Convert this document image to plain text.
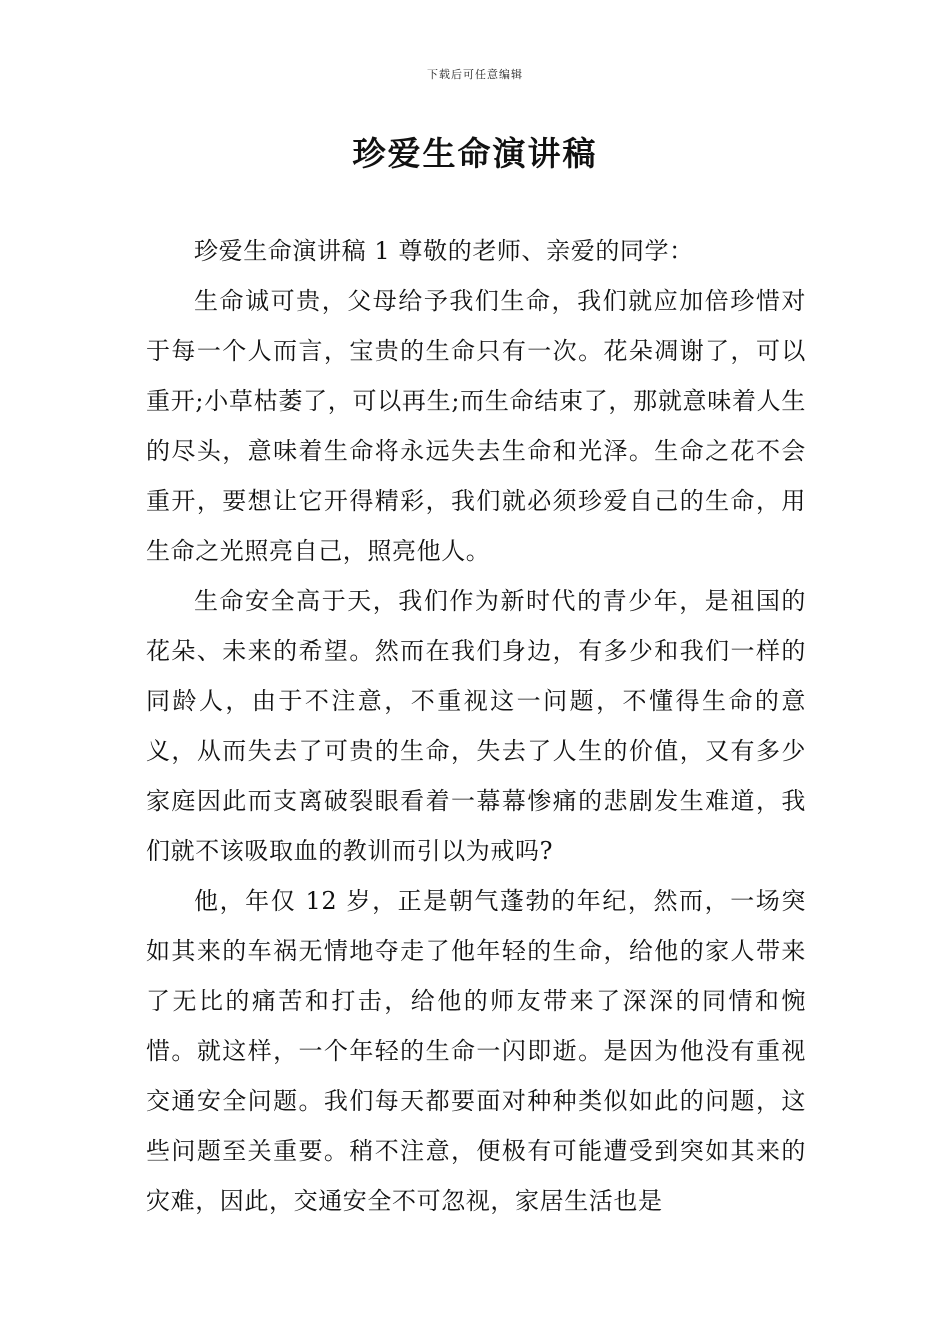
下载后可任意编辑
珍爱生命演讲稿

珍爱生命演讲稿 1 尊敬的老师、亲爱的同学：

生命诚可贵，父母给予我们生命，我们就应加倍珍惜对于每一个人而言，宝贵的生命只有一次。花朵凋谢了，可以重开;小草枯萎了，可以再生;而生命结束了，那就意味着人生的尽头，意味着生命将永远失去生命和光泽。生命之花不会重开，要想让它开得精彩，我们就必须珍爱自己的生命，用生命之光照亮自己，照亮他人。

生命安全高于天，我们作为新时代的青少年，是祖国的花朵、未来的希望。然而在我们身边，有多少和我们一样的同龄人，由于不注意，不重视这一问题，不懂得生命的意义，从而失去了可贵的生命，失去了人生的价值，又有多少家庭因此而支离破裂眼看着一幕幕惨痛的悲剧发生难道，我们就不该吸取血的教训而引以为戒吗?

他，年仅 12 岁，正是朝气蓬勃的年纪，然而，一场突如其来的车祸无情地夺走了他年轻的生命，给他的家人带来了无比的痛苦和打击，给他的师友带来了深深的同情和惋惜。就这样，一个年轻的生命一闪即逝。是因为他没有重视交通安全问题。我们每天都要面对种种类似如此的问题，这些问题至关重要。稍不注意，便极有可能遭受到突如其来的灾难，因此，交通安全不可忽视，家居生活也是
